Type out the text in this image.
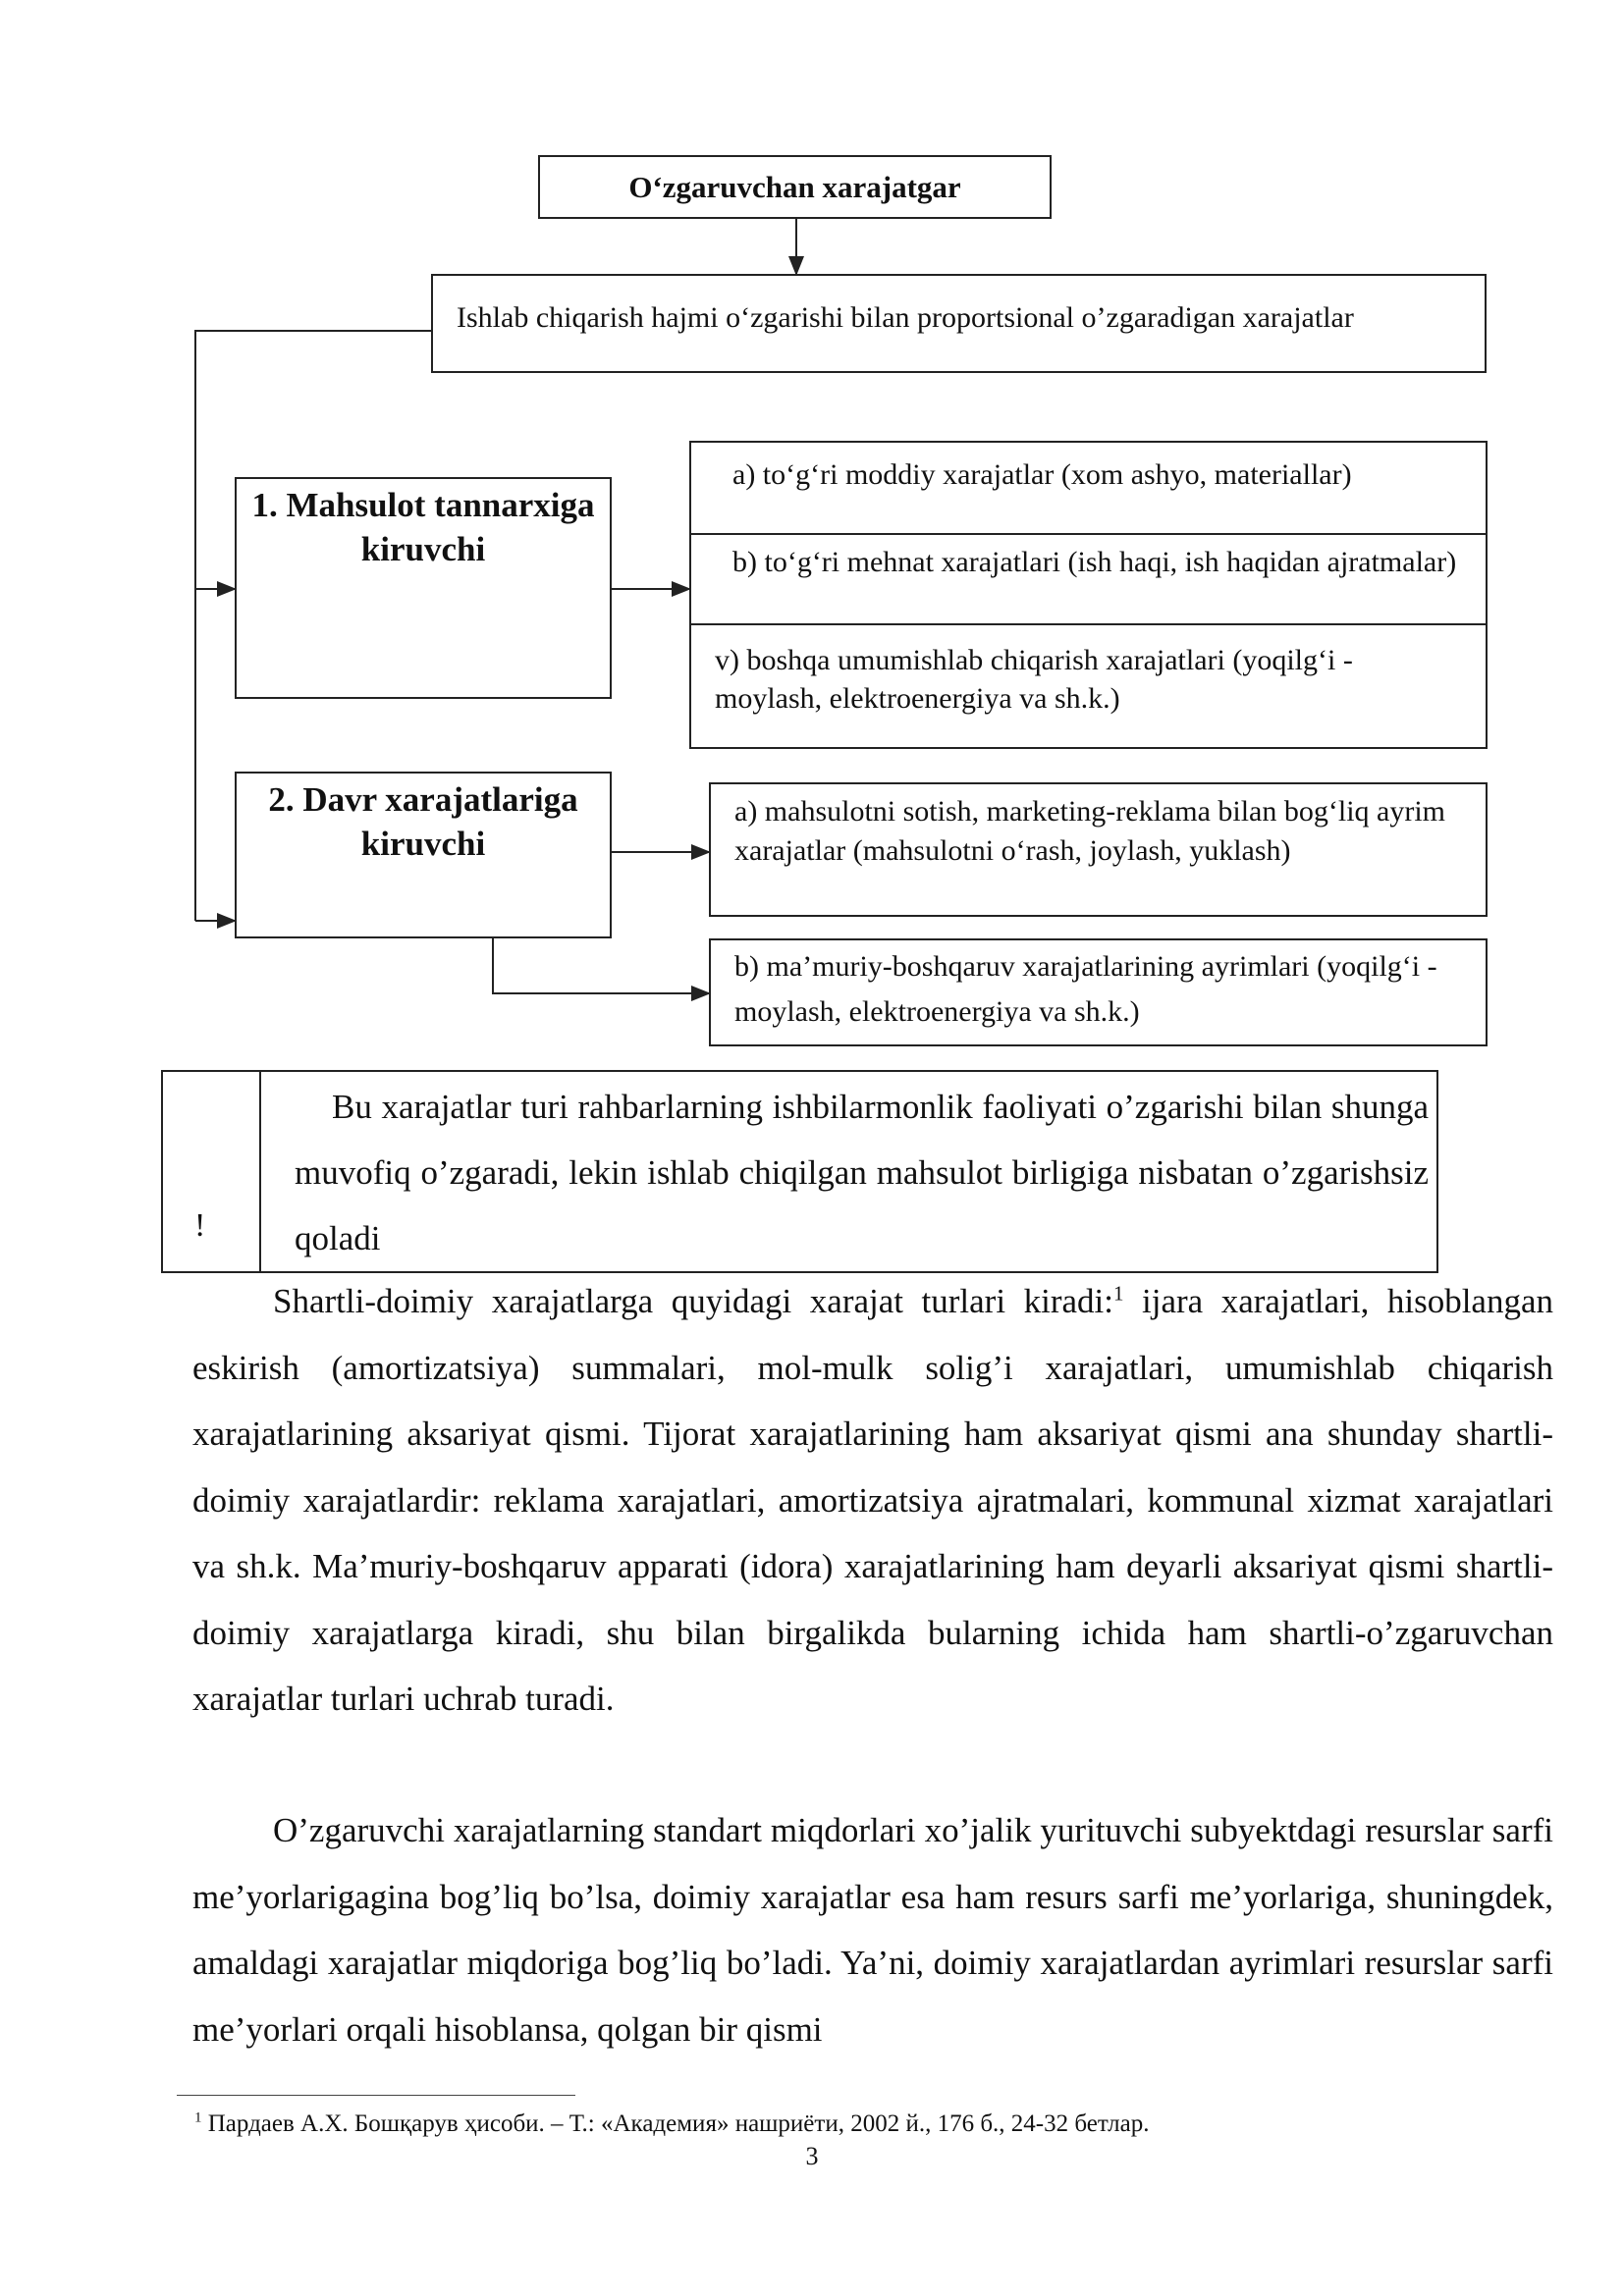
O‘zgaruvchan xarajatgar
Ishlab chiqarish hajmi o‘zgarishi bilan proportsional o’zgaradigan xarajatlar
1. Mahsulot tannarxiga kiruvchi
2. Davr xarajatlariga kiruvchi
a) to‘g‘ri moddiy xarajatlar (xom ashyo, materiallar)
b) to‘g‘ri mehnat xarajatlari (ish haqi, ish haqidan ajratmalar)
v) boshqa umumishlab chiqarish xarajatlari (yoqilg‘i - moylash, elektroenergiya va sh.k.)
a) mahsulotni sotish, marketing-reklama bilan bog‘liq ayrim xarajatlar (mahsulotni o‘rash, joylash, yuklash)
b) ma’muriy-boshqaruv xarajatlarining ayrimlari (yoqilg‘i - moylash, elektroenergiya va sh.k.)
!
Bu xarajatlar turi rahbarlarning ishbilarmonlik faoliyati o’zgarishi bilan shunga muvofiq o’zgaradi, lekin ishlab chiqilgan mahsulot birligiga nisbatan o’zgarishsiz qoladi
Shartli-doimiy xarajatlarga quyidagi xarajat turlari kiradi:$^1$ ijara xarajatlari, hisoblangan eskirish (amortizatsiya) summalari, mol-mulk solig’i xarajatlari, umumishlab chiqarish xarajatlarining aksariyat qismi. Tijorat xarajatlarining ham aksariyat qismi ana shunday shartli-doimiy xarajatlardir: reklama xarajatlari, amortizatsiya ajratmalari, kommunal xizmat xarajatlari va sh.k. Ma’muriy-boshqaruv apparati (idora) xarajatlarining ham deyarli aksariyat qismi shartli-doimiy xarajatlarga kiradi, shu bilan birgalikda bularning ichida ham shartli-o’zgaruvchan xarajatlar turlari uchrab turadi.
O’zgaruvchi xarajatlarning standart miqdorlari xo’jalik yurituvchi subyektdagi resurslar sarfi me’yorlarigagina bog’liq bo’lsa, doimiy xarajatlar esa ham resurs sarfi me’yorlariga, shuningdek, amaldagi xarajatlar miqdoriga bog’liq bo’ladi. Ya’ni, doimiy xarajatlardan ayrimlari resurslar sarfi me’yorlari orqali hisoblansa, qolgan bir qismi
$^1$ Пардаев А.Х. Бошқарув ҳисоби. – Т.: «Академия» нашриёти, 2002 й., 176 б., 24-32 бетлар.
3
